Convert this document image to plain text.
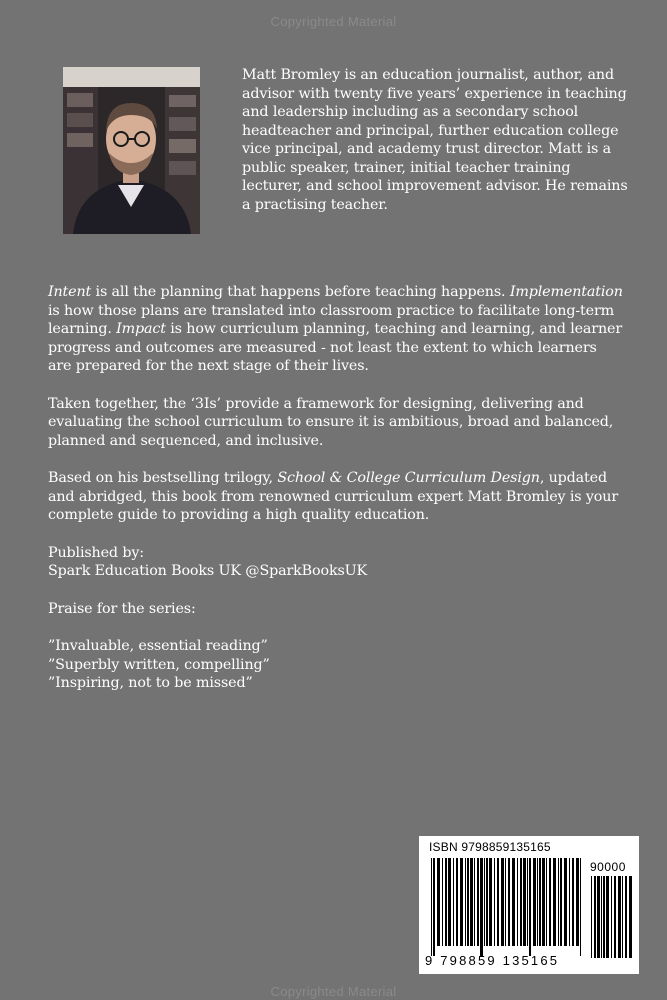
Copyrighted Material

Matt Bromley is an education journalist, author, and advisor with twenty five years’ experience in teaching and leadership including as a secondary school headteacher and principal, further education college vice principal, and academy trust director. Matt is a public speaker, trainer, initial teacher training lecturer, and school improvement advisor. He remains a practising teacher.

Intent is all the planning that happens before teaching happens. Implementation is how those plans are translated into classroom practice to facilitate long-term learning. Impact is how curriculum planning, teaching and learning, and learner progress and outcomes are measured - not least the extent to which learners are prepared for the next stage of their lives.

Taken together, the ‘3Is’ provide a framework for designing, delivering and evaluating the school curriculum to ensure it is ambitious, broad and balanced, planned and sequenced, and inclusive.

Based on his bestselling trilogy, School & College Curriculum Design, updated and abridged, this book from renowned curriculum expert Matt Bromley is your complete guide to providing a high quality education.

Published by:
Spark Education Books UK @SparkBooksUK

Praise for the series:

”Invaluable, essential reading”

”Superbly written, compelling”

”Inspiring, not to be missed”

ISBN 9798859135165
9 798859 135165
90000
Copyrighted Material
